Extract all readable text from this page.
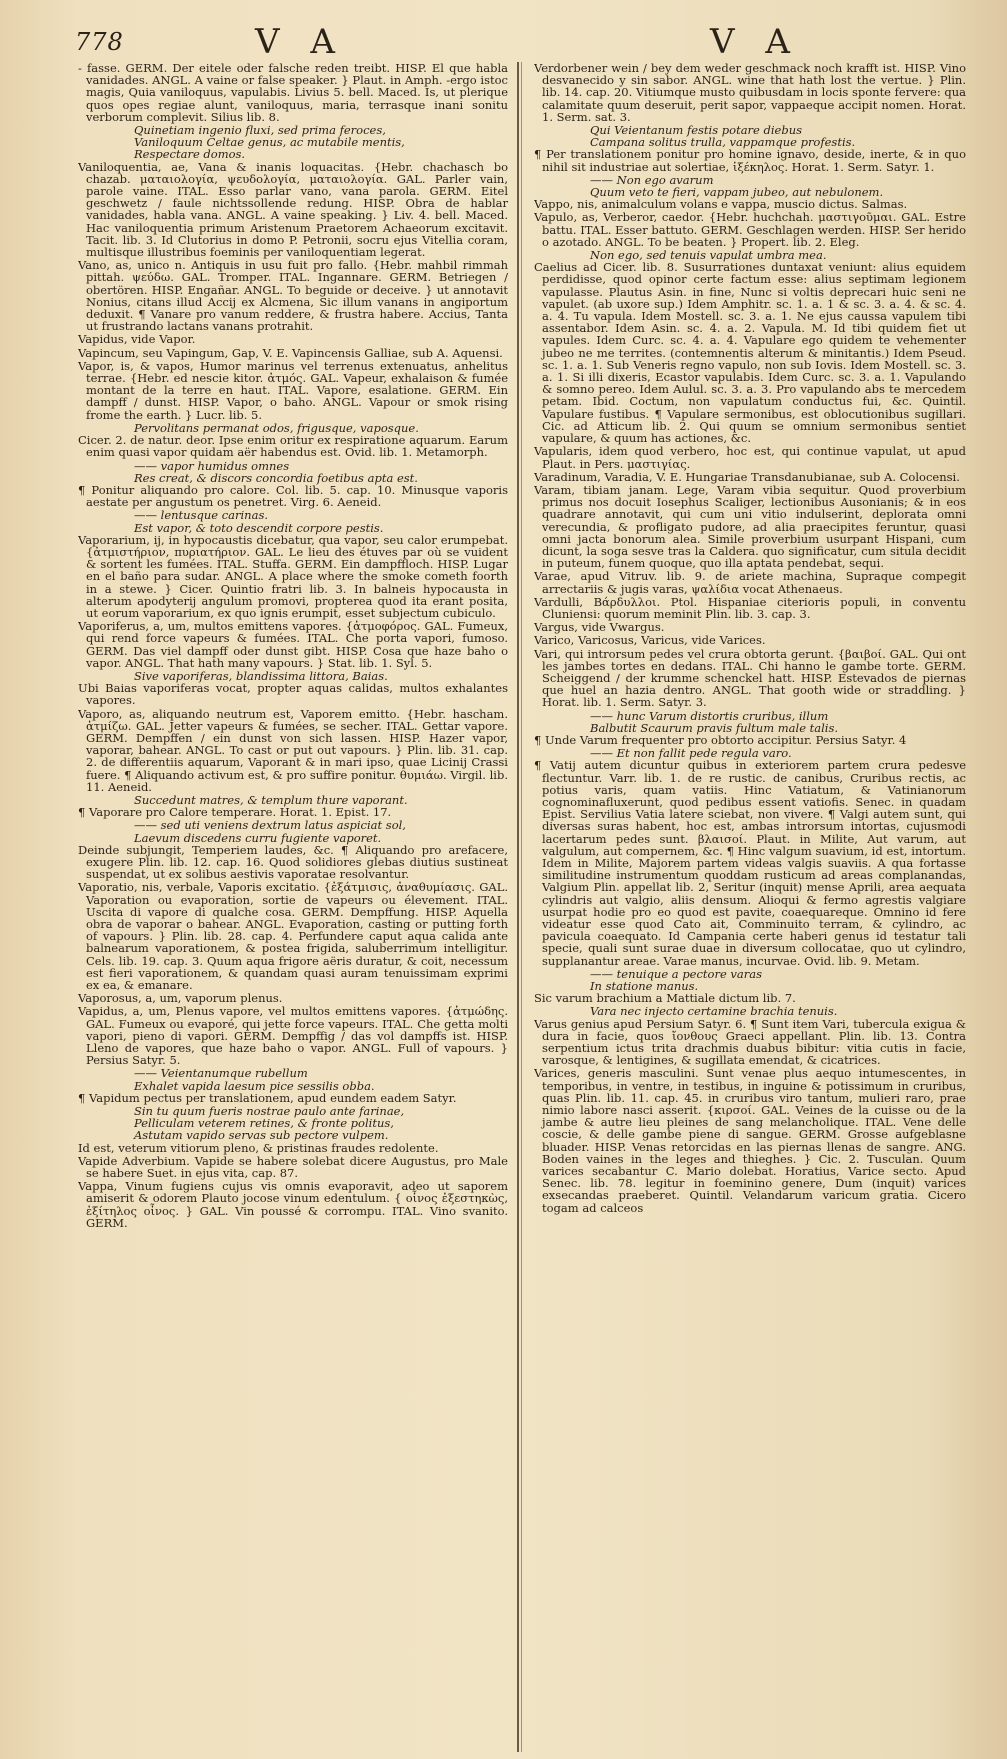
778	V A	V A

- fasse. GERM. Der eitele oder falsche reden treibt. HISP. El que habla vanidades. ANGL. A vaine or false speaker. } Plaut. in Amph. -ergo istoc magis, Quia vaniloquus, vapulabis. Livius 5. bell. Maced. Is, ut plerique quos opes regiae alunt, vaniloquus, maria, terrasque inani sonitu verborum complevit. Silius lib. 8.

Quinetiam ingenio fluxi, sed prima feroces,

Vaniloquum Celtae genus, ac mutabile mentis,

Respectare domos.

Vaniloquentia, ae, Vana & inanis loquacitas. {Hebr. chachasch bo chazab. ματαιολογία, ψευδολογία, ματαιολογία. GAL. Parler vain, parole vaine. ITAL. Esso parlar vano, vana parola. GERM. Eitel geschwetz / faule nichtssollende redung. HISP. Obra de hablar vanidades, habla vana. ANGL. A vaine speaking. } Liv. 4. bell. Maced. Hac vaniloquentia primum Aristenum Praetorem Achaeorum excitavit. Tacit. lib. 3. Id Clutorius in domo P. Petronii, socru ejus Vitellia coram, multisque illustribus foeminis per vaniloquentiam legerat.

Vano, as, unico n. Antiquis in usu fuit pro fallo. {Hebr. mahbil rimmah pittah. ψεύδω. GAL. Tromper. ITAL. Ingannare. GERM. Betriegen / obertören. HISP. Engañar. ANGL. To beguide or deceive. } ut annotavit Nonius, citans illud Accij ex Alcmena, Sic illum vanans in angiportum deduxit. ¶ Vanare pro vanum reddere, & frustra habere. Accius, Tanta ut frustrando lactans vanans protrahit.

Vapidus, vide Vapor.

Vapincum, seu Vapingum, Gap, V. E. Vapincensis Galliae, sub A. Aquensi.

Vapor, is, & vapos, Humor marinus vel terrenus extenuatus, anhelitus terrae. {Hebr. ed nescie kitor. ἀτμός. GAL. Vapeur, exhalaison & fumée montant de la terre en haut. ITAL. Vapore, esalatione. GERM. Ein dampff / dunst. HISP. Vapor, o baho. ANGL. Vapour or smok rising frome the earth. } Lucr. lib. 5.

Pervolitans permanat odos, frigusque, vaposque.

Cicer. 2. de natur. deor. Ipse enim oritur ex respiratione aquarum. Earum enim quasi vapor quidam aër habendus est. Ovid. lib. 1. Metamorph.

—— vapor humidus omnes

Res creat, & discors concordia foetibus apta est.

¶ Ponitur aliquando pro calore. Col. lib. 5. cap. 10. Minusque vaporis aestate per angustum os penetret. Virg. 6. Aeneid.

—— lentusque carinas.

Est vapor, & toto descendit corpore pestis.

Vaporarium, ij, in hypocaustis dicebatur, qua vapor, seu calor erumpebat. {ἀτμιστήριον, πυριατήριον. GAL. Le lieu des étuves par où se vuident & sortent les fumées. ITAL. Stuffa. GERM. Ein dampffloch. HISP. Lugar en el baño para sudar. ANGL. A place where the smoke cometh foorth in a stewe. } Cicer. Quintio fratri lib. 3. In balneis hypocausta in alterum apodyterij angulum promovi, propterea quod ita erant posita, ut eorum vaporarium, ex quo ignis erumpit, esset subjectum cubiculo.

Vaporiferus, a, um, multos emittens vapores. {ἀτμοφόρος. GAL. Fumeux, qui rend force vapeurs & fumées. ITAL. Che porta vapori, fumoso. GERM. Das viel dampff oder dunst gibt. HISP. Cosa que haze baho o vapor. ANGL. That hath many vapours. } Stat. lib. 1. Syl. 5.

Sive vaporiferas, blandissima littora, Baias.

Ubi Baias vaporiferas vocat, propter aquas calidas, multos exhalantes vapores.

Vaporo, as, aliquando neutrum est, Vaporem emitto. {Hebr. hascham. ἀτμίζω. GAL. Jetter vapeurs & fumées, se secher. ITAL. Gettar vapore. GERM. Dempffen / ein dunst von sich lassen. HISP. Hazer vapor, vaporar, bahear. ANGL. To cast or put out vapours. } Plin. lib. 31. cap. 2. de differentiis aquarum, Vaporant & in mari ipso, quae Licinij Crassi fuere. ¶ Aliquando activum est, & pro suffire ponitur. θυμιάω. Virgil. lib. 11. Aeneid.

Succedunt matres, & templum thure vaporant.

¶ Vaporare pro Calore temperare. Horat. 1. Epist. 17.

—— sed uti veniens dextrum latus aspiciat sol,

Laevum discedens curru fugiente vaporet.

Deinde subjungit, Temperiem laudes, &c. ¶ Aliquando pro arefacere, exugere Plin. lib. 12. cap. 16. Quod solidiores glebas diutius sustineat suspendat, ut ex solibus aestivis vaporatae resolvantur.

Vaporatio, nis, verbale, Vaporis excitatio. {ἐξάτμισις, ἀναθυμίασις. GAL. Vaporation ou evaporation, sortie de vapeurs ou élevement. ITAL. Uscita di vapore di qualche cosa. GERM. Dempffung. HISP. Aquella obra de vaporar o bahear. ANGL. Evaporation, casting or putting forth of vapours. } Plin. lib. 28. cap. 4. Perfundere caput aqua calida ante balnearum vaporationem, & postea frigida, saluberrimum intelligitur. Cels. lib. 19. cap. 3. Quum aqua frigore aëris duratur, & coit, necessum est fieri vaporationem, & quandam quasi auram tenuissimam exprimi ex ea, & emanare.

Vaporosus, a, um, vaporum plenus.

Vapidus, a, um, Plenus vapore, vel multos emittens vapores. {ἀτμώδης. GAL. Fumeux ou evaporé, qui jette force vapeurs. ITAL. Che getta molti vapori, pieno di vapori. GERM. Dempffig / das vol dampffs ist. HISP. Lleno de vapores, que haze baho o vapor. ANGL. Full of vapours. } Persius Satyr. 5.

—— Veientanumque rubellum

Exhalet vapida laesum pice sessilis obba.

¶ Vapidum pectus per translationem, apud eundem eadem Satyr.

Sin tu quum fueris nostrae paulo ante farinae,

Pelliculam veterem retines, & fronte politus,

Astutam vapido servas sub pectore vulpem.

Id est, veterum vitiorum pleno, & pristinas fraudes redolente.

Vapide Adverbium. Vapide se habere solebat dicere Augustus, pro Male se habere Suet. in ejus vita, cap. 87.

Vappa, Vinum fugiens cujus vis omnis evaporavit, adeo ut saporem amiserit & odorem Plauto jocose vinum edentulum. { οἶνος ἐξεστηκὼς, ἐξίτηλος οἶνος. } GAL. Vin poussé & corrompu. ITAL. Vino svanito. GERM.

Verdorbener wein / bey dem weder geschmack noch krafft ist. HISP. Vino desvanecido y sin sabor. ANGL. wine that hath lost the vertue. } Plin. lib. 14. cap. 20. Vitiumque musto quibusdam in locis sponte fervere: qua calamitate quum deseruit, perit sapor, vappaeque accipit nomen. Horat. 1. Serm. sat. 3.

Qui Veientanum festis potare diebus

Campana solitus trulla, vappamque profestis.

¶ Per translationem ponitur pro homine ignavo, deside, inerte, & in quo nihil sit industriae aut solertiae, ἰξέκηλος. Horat. 1. Serm. Satyr. 1.

—— Non ego avarum

Quum veto te fieri, vappam jubeo, aut nebulonem.

Vappo, nis, animalculum volans e vappa, muscio dictus. Salmas.

Vapulo, as, Verberor, caedor. {Hebr. huchchah. μαστιγοῦμαι. GAL. Estre battu. ITAL. Esser battuto. GERM. Geschlagen werden. HISP. Ser herido o azotado. ANGL. To be beaten. } Propert. lib. 2. Eleg.

Non ego, sed tenuis vapulat umbra mea.

Caelius ad Cicer. lib. 8. Susurrationes duntaxat veniunt: alius equidem perdidisse, quod opinor certe factum esse: alius septimam legionem vapulasse. Plautus Asin. in fine, Nunc si voltis deprecari huic seni ne vapulet. (ab uxore sup.) Idem Amphitr. sc. 1. a. 1 & sc. 3. a. 4. & sc. 4. a. 4. Tu vapula. Idem Mostell. sc. 3. a. 1. Ne ejus caussa vapulem tibi assentabor. Idem Asin. sc. 4. a. 2. Vapula. M. Id tibi quidem fiet ut vapules. Idem Curc. sc. 4. a. 4. Vapulare ego quidem te vehementer jubeo ne me territes. (contemnentis alterum & minitantis.) Idem Pseud. sc. 1. a. 1. Sub Veneris regno vapulo, non sub Iovis. Idem Mostell. sc. 3. a. 1. Si illi dixeris, Ecastor vapulabis. Idem Curc. sc. 3. a. 1. Vapulando & somno pereo. Idem Aulul. sc. 3. a. 3. Pro vapulando abs te mercedem petam. Ibid. Coctum, non vapulatum conductus fui, &c. Quintil. Vapulare fustibus. ¶ Vapulare sermonibus, est oblocutionibus sugillari. Cic. ad Atticum lib. 2. Qui quum se omnium sermonibus sentiet vapulare, & quum has actiones, &c.

Vapularis, idem quod verbero, hoc est, qui continue vapulat, ut apud Plaut. in Pers. μαστιγίας.

Varadinum, Varadia, V. E. Hungariae Transdanubianae, sub A. Colocensi.

Varam, tibiam janam. Lege, Varam vibia sequitur. Quod proverbium primus nos docuit Iosephus Scaliger, lectionibus Ausonianis; & in eos quadrare annotavit, qui cum uni vitio indulserint, deplorata omni verecundia, & profligato pudore, ad alia praecipites feruntur, quasi omni jacta bonorum alea. Simile proverbium usurpant Hispani, cum dicunt, la soga sesve tras la Caldera. quo significatur, cum situla decidit in puteum, funem quoque, quo illa aptata pendebat, sequi.

Varae, apud Vitruv. lib. 9. de ariete machina, Supraque compegit arrectariis & jugis varas, ψαλίδια vocat Athenaeus.

Vardulli, Βάρδυλλοι. Ptol. Hispaniae citerioris populi, in conventu Cluniensi: quorum meminit Plin. lib. 3. cap. 3.

Vargus, vide Vwargus.

Varico, Varicosus, Varicus, vide Varices.

Vari, qui introrsum pedes vel crura obtorta gerunt. {βαιβοί. GAL. Qui ont les jambes tortes en dedans. ITAL. Chi hanno le gambe torte. GERM. Scheiggend / der krumme schenckel hatt. HISP. Estevados de piernas que huel an hazia dentro. ANGL. That gooth wide or straddling. } Horat. lib. 1. Serm. Satyr. 3.

—— hunc Varum distortis cruribus, illum

Balbutit Scaurum pravis fultum male talis.

¶ Unde Varum frequenter pro obtorto accipitur. Persius Satyr. 4

—— Et non fallit pede regula varo.

¶ Vatij autem dicuntur quibus in exteriorem partem crura pedesve flectuntur. Varr. lib. 1. de re rustic. de canibus, Cruribus rectis, ac potius varis, quam vatiis. Hinc Vatiatum, & Vatinianorum cognominafluxerunt, quod pedibus essent vatiofis. Senec. in quadam Epist. Servilius Vatia latere sciebat, non vivere. ¶ Valgi autem sunt, qui diversas suras habent, hoc est, ambas introrsum intortas, cujusmodi lacertarum pedes sunt. βλαισοί. Plaut. in Milite, Aut varum, aut valgulum, aut compernem, &c. ¶ Hinc valgum suavium, id est, intortum. Idem in Milite, Majorem partem videas valgis suaviis. A qua fortasse similitudine instrumentum quoddam rusticum ad areas complanandas, Valgium Plin. appellat lib. 2, Seritur (inquit) mense Aprili, area aequata cylindris aut valgio, aliis densum. Alioqui & fermo agrestis valgiare usurpat hodie pro eo quod est pavite, coaequareque. Omnino id fere videatur esse quod Cato ait, Comminuito terram, & cylindro, ac pavicula coaequato. Id Campania certe haberi genus id testatur tali specie, quali sunt surae duae in diversum collocatae, quo ut cylindro, supplanantur areae. Varae manus, incurvae. Ovid. lib. 9. Metam.

—— tenuique a pectore varas

In statione manus.

Sic varum brachium a Mattiale dictum lib. 7.

Vara nec injecto certamine brachia tenuis.

Varus genius apud Persium Satyr. 6. ¶ Sunt item Vari, tubercula exigua & dura in facie, quos ἴονθους Graeci appellant. Plin. lib. 13. Contra serpentium ictus trita drachmis duabus bibitur: vitia cutis in facie, varosque, & lentigines, & sugillata emendat, & cicatrices.

Varices, generis masculini. Sunt venae plus aequo intumescentes, in temporibus, in ventre, in testibus, in inguine & potissimum in cruribus, quas Plin. lib. 11. cap. 45. in cruribus viro tantum, mulieri raro, prae nimio labore nasci asserit. {κιρσοί. GAL. Veines de la cuisse ou de la jambe & autre lieu pleines de sang melancholique. ITAL. Vene delle coscie, & delle gambe piene di sangue. GERM. Grosse aufgeblasne bluader. HISP. Venas retorcidas en las piernas llenas de sangre. ANG. Boden vaines in the leges and thieghes. } Cic. 2. Tusculan. Quum varices secabantur C. Mario dolebat. Horatius, Varice secto. Apud Senec. lib. 78. legitur in foeminino genere, Dum (inquit) varices exsecandas praeberet. Quintil. Velandarum varicum gratia. Cicero togam ad calceos
